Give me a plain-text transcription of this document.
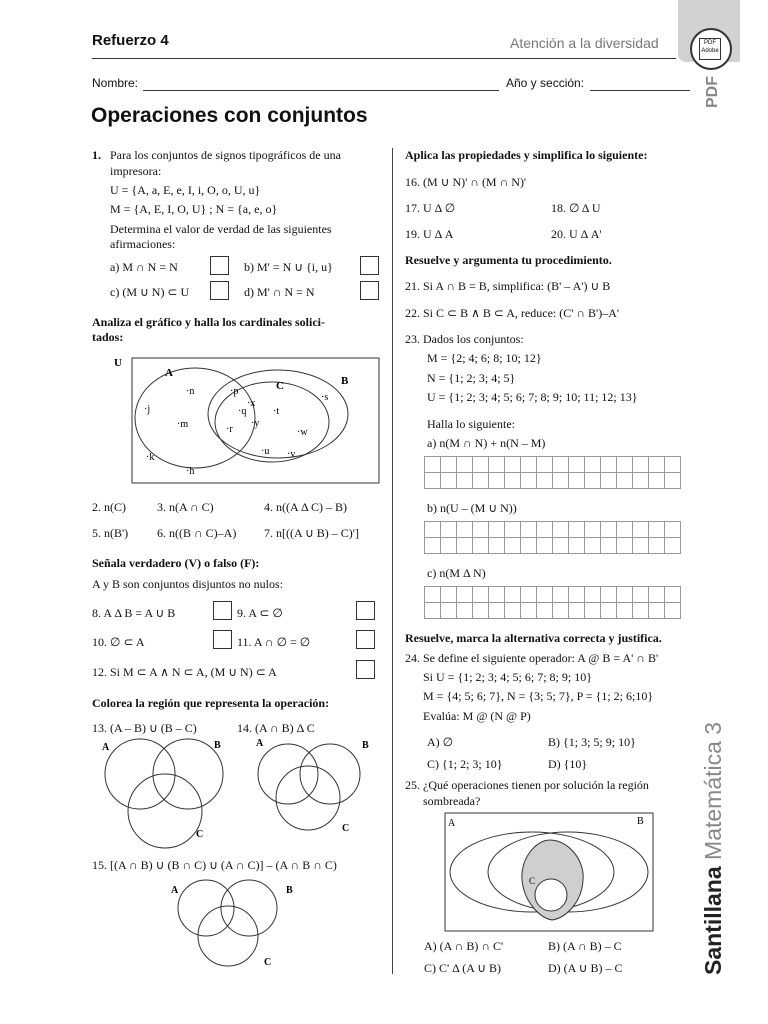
PDF
Adobe
PDF
Santillana Matemática 3
Refuerzo 4	Atención a la diversidad
Nombre:	Año y sección:
Operaciones con conjuntos
1. Para los conjuntos de signos tipográficos de una
impresora:
U = {A, a, E, e, I, i, O, o, U, u}
M = {A, E, I, O, U} ; N = {a, e, o}
Determina el valor de verdad de las siguientes
afirmaciones:
a) M ∩ N = N	b) M' = N ∪ {i, u}
c) (M ∪ N) ⊂ U	d) M' ∩ N = N
Analiza el gráfico y halla los cardinales solici-
tados:
U
A
B
C
·n	·p
·x
·j	·q	·t
·s
·m	·r
·y
·w
·k
·u ·v
·h
2. n(C)	3. n(A ∩ C)	4. n((A Δ C) – B)
5. n(B') 6. n((B ∩ C)–A) 7. n[((A ∪ B) – C)']
Señala verdadero (V) o falso (F):
A y B son conjuntos disjuntos no nulos:
8. A Δ B = A ∪ B	9. A ⊂ ∅
10. ∅ ⊂ A	11. A ∩ ∅ = ∅
12. Si M ⊂ A ∧ N ⊂ A, (M ∪ N) ⊂ A
Colorea la región que representa la operación:
13. (A – B) ∪ (B – C)	14. (A ∩ B) Δ C
A	B
C
A	B
C
15. [(A ∩ B) ∪ (B ∩ C) ∪ (A ∩ C)] – (A ∩ B ∩ C)
A	B
C
Aplica las propiedades y simplifica lo siguiente:
16. (M ∪ N)' ∩ (M ∩ N)'
17. U Δ ∅	18. ∅ Δ U
19. U Δ A	20. U Δ A'
Resuelve y argumenta tu procedimiento.
21. Si A ∩ B = B, simplifica: (B' – A') ∪ B
22. Si C ⊂ B ∧ B ⊂ A, reduce: (C' ∩ B')–A'
23. Dados los conjuntos:
M = {2; 4; 6; 8; 10; 12}
N = {1; 2; 3; 4; 5}
U = {1; 2; 3; 4; 5; 6; 7; 8; 9; 10; 11; 12; 13}
Halla lo siguiente:
a) n(M ∩ N) + n(N – M)
b) n(U – (M ∪ N))
c) n(M Δ N)
Resuelve, marca la alternativa correcta y justifica.
24. Se define el siguiente operador: A @ B = A' ∩ B'
Si U = {1; 2; 3; 4; 5; 6; 7; 8; 9; 10}
M = {4; 5; 6; 7}, N = {3; 5; 7}, P = {1; 2; 6;10}
Evalúa: M @ (N @ P)
A) ∅	B) {1; 3; 5; 9; 10}
C) {1; 2; 3; 10}	D) {10}
25. ¿Qué operaciones tienen por solución la región
sombreada?
A	B
C
A) (A ∩ B) ∩ C'	B) (A ∩ B) – C
C) C' Δ (A ∪ B)	D) (A ∪ B) – C
